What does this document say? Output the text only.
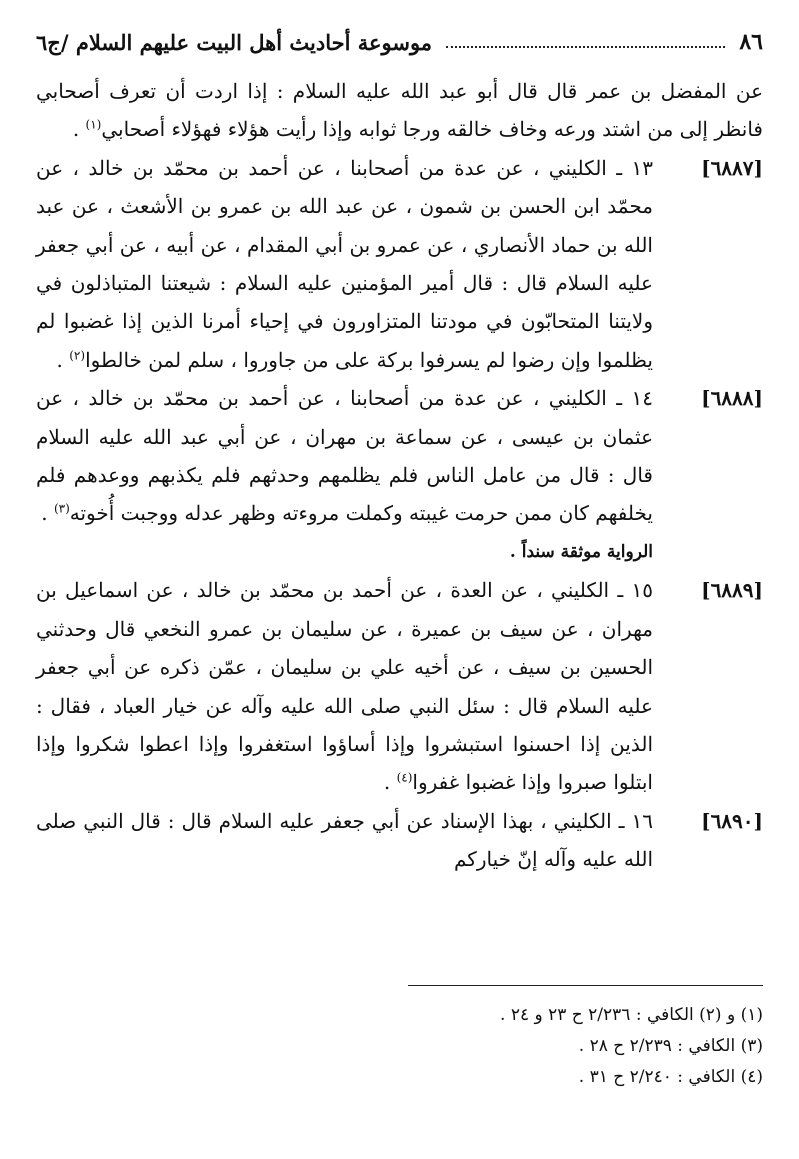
٨٦
موسوعة أحاديث أهل البيت عليهم السلام /ج٦

عن المفضل بن عمر قال قال أبو عبد الله عليه السلام : إذا اردت أن تعرف أصحابي فانظر إلى من اشتد ورعه وخاف خالقه ورجا ثوابه وإذا رأيت هؤلاء فهؤلاء أصحابي$^{(١)}$ .

[٦٨٨٧]
١٣ ـ الكليني ، عن عدة من أصحابنا ، عن أحمد بن محمّد بن خالد ، عن محمّد ابن الحسن بن شمون ، عن عبد الله بن عمرو بن الأشعث ، عن عبد الله بن حماد الأنصاري ، عن عمرو بن أبي المقدام ، عن أبيه ، عن أبي جعفر عليه السلام قال : قال أمير المؤمنين عليه السلام : شيعتنا المتباذلون في ولايتنا المتحابّون في مودتنا المتزاورون في إحياء أمرنا الذين إذا غضبوا لم يظلموا وإن رضوا لم يسرفوا بركة على من جاوروا ، سلم لمن خالطوا$^{(٢)}$ .
[٦٨٨٨]
١٤ ـ الكليني ، عن عدة من أصحابنا ، عن أحمد بن محمّد بن خالد ، عن عثمان بن عيسى ، عن سماعة بن مهران ، عن أبي عبد الله عليه السلام قال : قال من عامل الناس فلم يظلمهم وحدثهم فلم يكذبهم ووعدهم فلم يخلفهم كان ممن حرمت غيبته وكملت مروءته وظهر عدله ووجبت أُخوته$^{(٣)}$ .
الرواية موثقة سنداً .
[٦٨٨٩]
١٥ ـ الكليني ، عن العدة ، عن أحمد بن محمّد بن خالد ، عن اسماعيل بن مهران ، عن سيف بن عميرة ، عن سليمان بن عمرو النخعي قال وحدثني الحسين بن سيف ، عن أخيه علي بن سليمان ، عمّن ذكره عن أبي جعفر عليه السلام قال : سئل النبي صلى الله عليه وآله عن خيار العباد ، فقال : الذين إذا احسنوا استبشروا وإذا أساؤوا استغفروا وإذا اعطوا شكروا وإذا ابتلوا صبروا وإذا غضبوا غفروا$^{(٤)}$ .
[٦٨٩٠]
١٦ ـ الكليني ، بهذا الإسناد عن أبي جعفر عليه السلام قال : قال النبي صلى الله عليه وآله إنّ خياركم
(١) و (٢) الكافي : ٢/٢٣٦ ح ٢٣ و ٢٤ .
(٣) الكافي : ٢/٢٣٩ ح ٢٨ .
(٤) الكافي : ٢/٢٤٠ ح ٣١ .
